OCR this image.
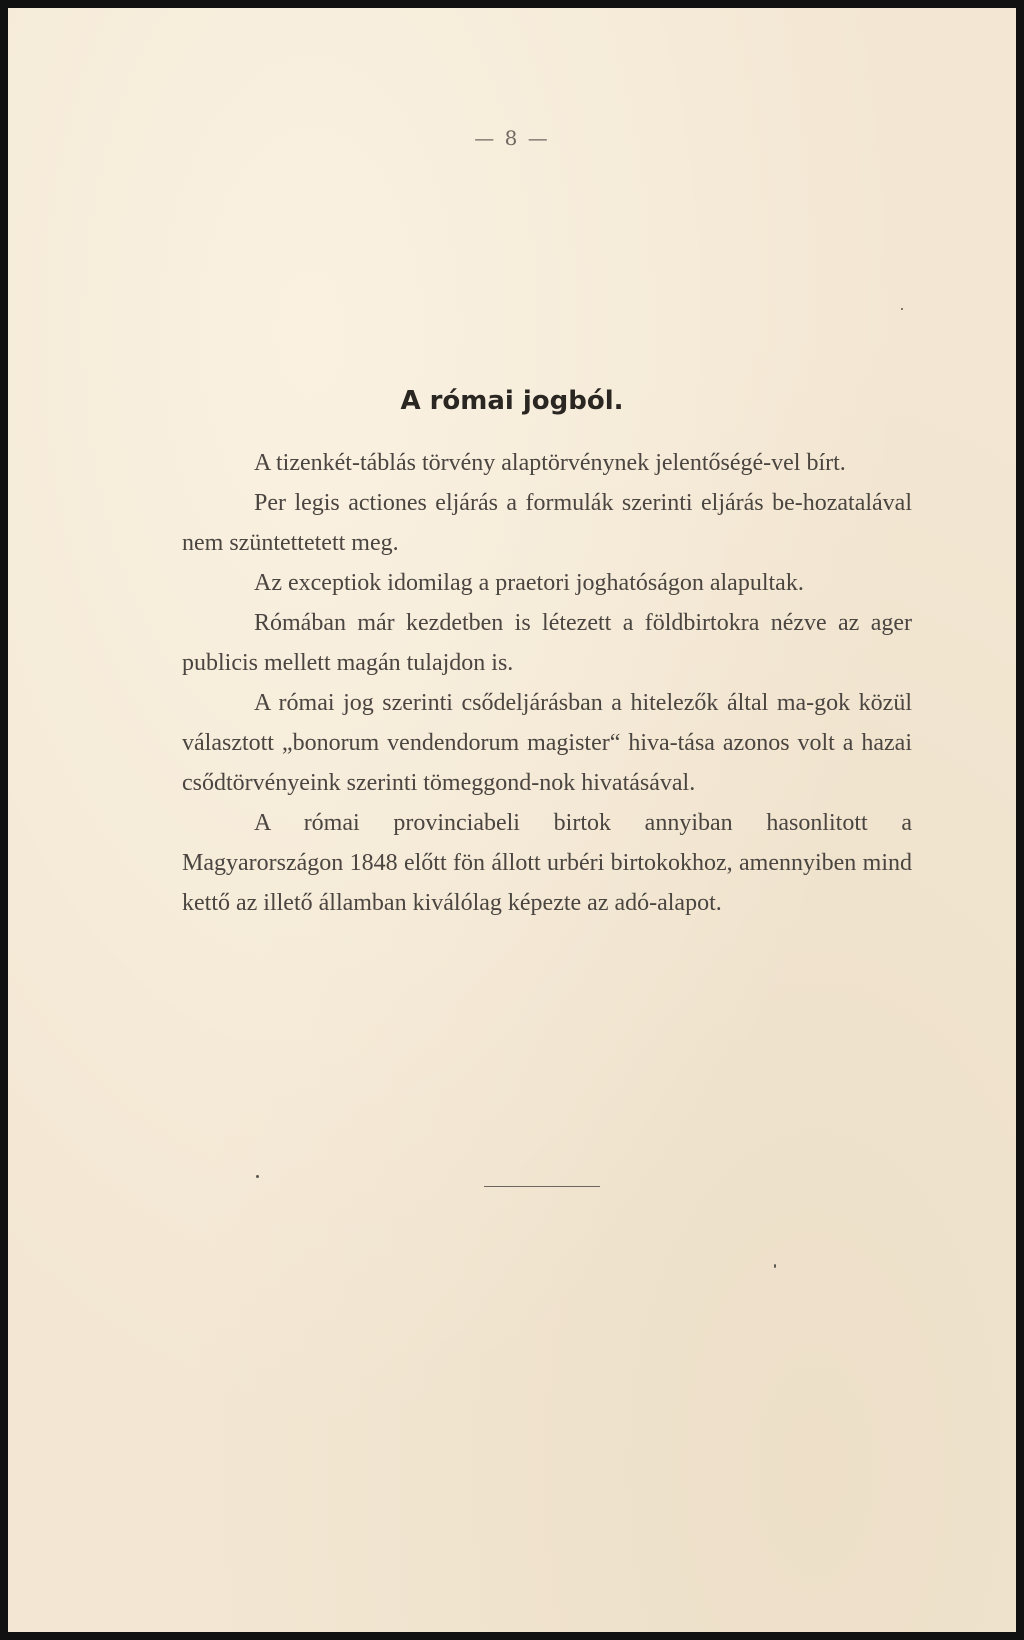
— 8 —
A római jogból.

A tizenkét-táblás törvény alaptörvénynek jelentőségé-vel bírt.

Per legis actiones eljárás a formulák szerinti eljárás be-hozatalával nem szüntettetett meg.

Az exceptiok idomilag a praetori joghatóságon alapultak.

Rómában már kezdetben is létezett a földbirtokra nézve az ager publicis mellett magán tulajdon is.

A római jog szerinti csődeljárásban a hitelezők által ma-gok közül választott „bonorum vendendorum magister“ hiva-tása azonos volt a hazai csődtörvényeink szerinti tömeggond-nok hivatásával.

A római provinciabeli birtok annyiban hasonlitott a Magyarországon 1848 előtt fön állott urbéri birtokokhoz, amennyiben mind kettő az illető államban kiválólag képezte az adó-alapot.
